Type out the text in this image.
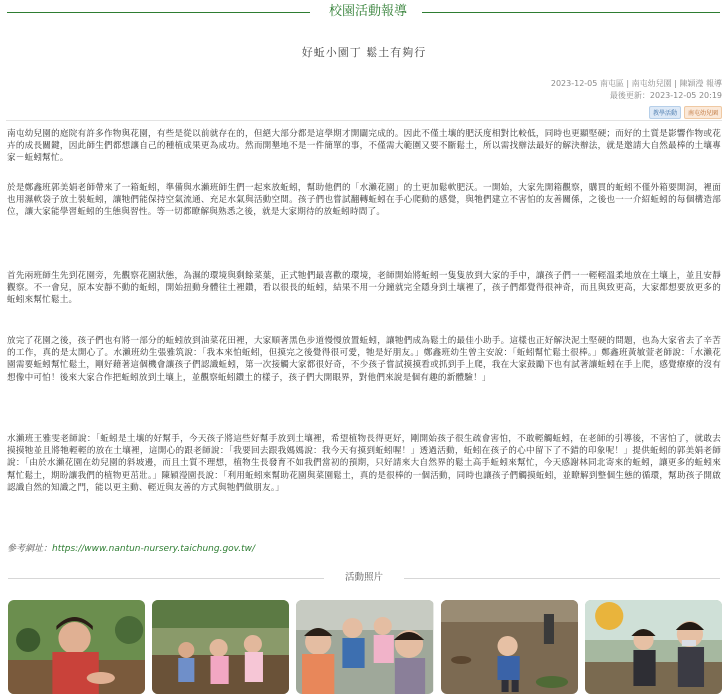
校園活動報導
好蚯小園丁 鬆土有夠行
2023-12-05 南屯區 | 南屯幼兒園 | 陳穎瀅 報導
最後更新：2023-12-05 20:19
教學活動	南屯幼兒園

南屯幼兒園的庭院有許多作物與花園，有些是從以前就存在的，但絕大部分都是這學期才開闢完成的。因此不僅土壤的肥沃度相對比較低，同時也更顯堅硬；而好的土質是影響作物或花卉的成長關鍵，因此師生們都想讓自己的種植成果更為成功。然而開墾地不是一件簡單的事，不僅需大範圍又要不斷鬆土，所以需找辦法最好的解決辦法，就是邀請大自然最棒的土壤專家－蚯蚓幫忙。

於是鄭鑫班郭美娟老師帶來了一箱蚯蚓，準備與水瀨班師生們一起來放蚯蚓，幫助他們的「水瀨花園」的土更加鬆軟肥沃。一開始，大家先開箱觀察，購買的蚯蚓不僅外箱要開洞，裡面也用濕軟袋子放土裝蚯蚓，讓牠們能保持空氣流通、充足水氣與活動空間。孩子們也嘗試翻轉蚯蚓在手心爬動的感覺，與牠們建立不害怕的友善關係，之後也一一介紹蚯蚓的每個構造部位，讓大家能學習蚯蚓的生態與習性。等一切都瞭解與熟悉之後，就是大家期待的放蚯蚓時間了。

首先兩班師生先到花園旁，先觀察花園狀態，為濕的環境與剩餘菜葉，正式牠們最喜歡的環境，老師開始將蚯蚓一隻隻放到大家的手中，讓孩子們一一輕輕溫柔地放在土壤上，並且安靜觀察。不一會兒，原本安靜不動的蚯蚓，開始扭動身體往土裡鑽，看以很長的蚯蚓，結果不用一分鐘就完全隱身到土壤裡了，孩子們都覺得很神奇，而且與致更高，大家都想要放更多的蚯蚓來幫忙鬆土。

放完了花園之後，孩子們也有將一部分的蚯蚓放到油菜花田裡，大家順著黑色步道慢慢放置蚯蚓，讓牠們成為鬆土的最佳小助手。這樣也正好解決泥土堅硬的問題，也為大家省去了辛苦的工作，真的是太開心了。水瀨班幼生張雅筑說：「我本來怕蚯蚓，但摸完之後覺得很可愛，牠是好朋友。」鄭鑫班幼生曾主安說：「蚯蚓幫忙鬆土很棒。」鄭鑫班黃敏萱老師說：「水瀨花園需要蚯蚓幫忙鬆土，剛好藉著這個機會讓孩子們認識蚯蚓，第一次接觸大家都很好奇，不少孩子嘗試摸摸看或抓到手上爬，我在大家鼓勵下也有試著讓蚯蚓在手上爬，感覺療療的沒有想像中可怕！後來大家合作把蚯蚓放到土壤上，並觀察蚯蚓鑽土的樣子，孩子們大開眼界，對他們來說是個有趣的新體驗！」

水瀨班王雅雯老師說：「蚯蚓是土壤的好幫手，今天孩子將這些好幫手放到土壤裡，希望植物長得更好，剛開始孩子很生疏會害怕，不敢輕觸蚯蚓，在老師的引導後，不害怕了，就敢去摸摸牠並且將牠輕輕的放在土壤裡，這開心的跟老師說：「我要回去跟我媽媽說：我今天有摸到蚯蚓喔！」透過活動，蚯蚓在孩子的心中留下了不錯的印象呢！」提供蚯蚓的郭美娟老師說：「由於水瀨花園在幼兒園的斜坡邊，而且土質不理想，植物生長發育不如我們當初的預期，只好請來大自然界的鬆土高手蚯蚓來幫忙，今天感謝林同北寄來的蚯蚓，讓更多的蚯蚓來幫忙鬆土，期盼讓我們的植物更茁壯。」陳穎瀅園長說：「利用蚯蚓來幫助花園與菜園鬆土，真的是很棒的一個活動，同時也讓孩子們觸摸蚯蚓，並瞭解到整個生態的循環，幫助孩子開啟認識自然的知識之門，能以更主動、輕近與友善的方式與牠們做朋友。」

參考網址：https://www.nantun-nursery.taichung.gov.tw/
活動照片
